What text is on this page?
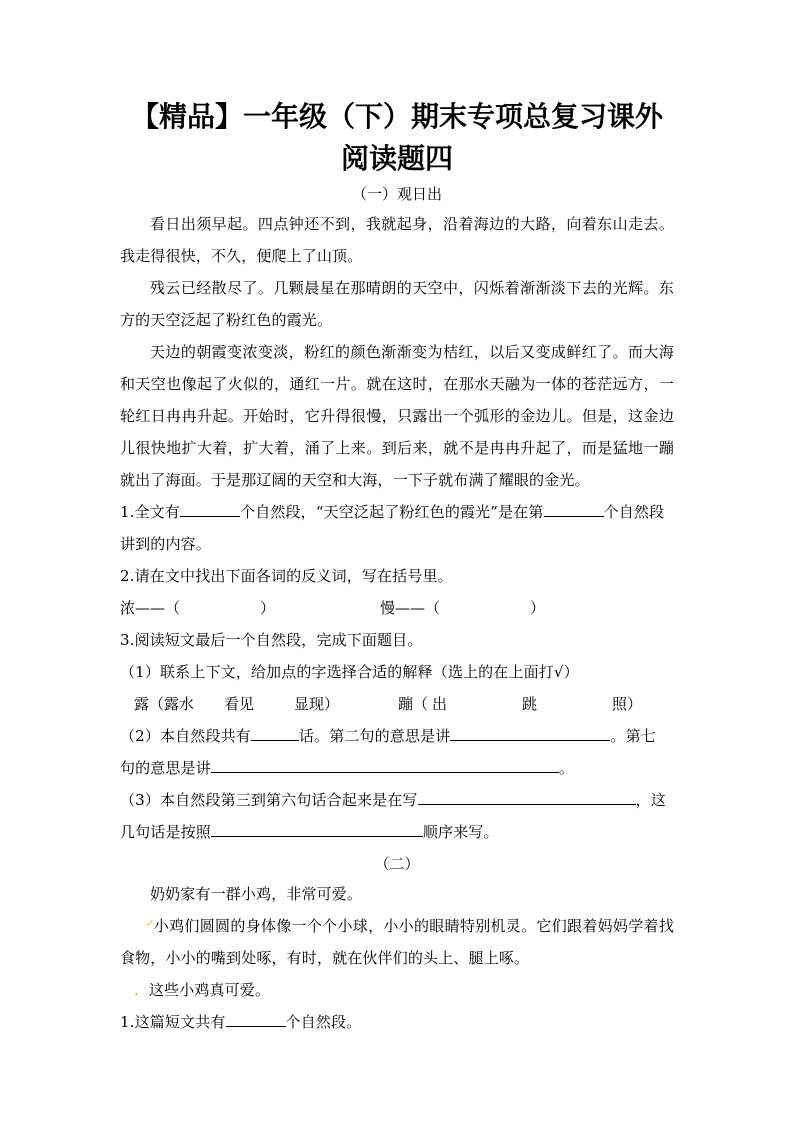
【精品】一年级（下）期末专项总复习课外
阅读题四

（一）观日出

看日出须早起。四点钟还不到，我就起身，沿着海边的大路，向着东山走去。我走得很快，不久，便爬上了山顶。

残云已经散尽了。几颗晨星在那晴朗的天空中，闪烁着渐渐淡下去的光辉。东方的天空泛起了粉红色的霞光。

天边的朝霞变浓变淡，粉红的颜色渐渐变为桔红，以后又变成鲜红了。而大海和天空也像起了火似的，通红一片。就在这时，在那水天融为一体的苍茫远方，一轮红日冉冉升起。开始时，它升得很慢，只露出一个弧形的金边儿。但是，这金边儿很快地扩大着，扩大着，涌了上来。到后来，就不是冉冉升起了，而是猛地一蹦就出了海面。于是那辽阔的天空和大海，一下子就布满了耀眼的金光。

1.全文有	个自然段，“天空泛起了粉红色的霞光”是在第	个自然段讲到的内容。

2.请在文中找出下面各词的反义词，写在括号里。

浓——（	）	慢——（	）

3.阅读短文最后一个自然段，完成下面题目。

（1）联系上下文，给加点的字选择合适的解释（选上的在上面打√）

露（ 露水	看见	显现）	蹦（ 出	跳	照）

（2）本自然段共有	话。第二句的意思是讲	。第七

句的意思是讲	。

（3）本自然段第三到第六句话合起来是在写	，这

几句话是按照	顺序来写。

（二）

奶奶家有一群小鸡，非常可爱。

⸍小鸡们圆圆的身体像一个个小球，小小的眼睛特别机灵。它们跟着妈妈学着找食物，小小的嘴到处啄，有时，就在伙伴们的头上、腿上啄。

. 这些小鸡真可爱。

1.这篇短文共有	个自然段。
